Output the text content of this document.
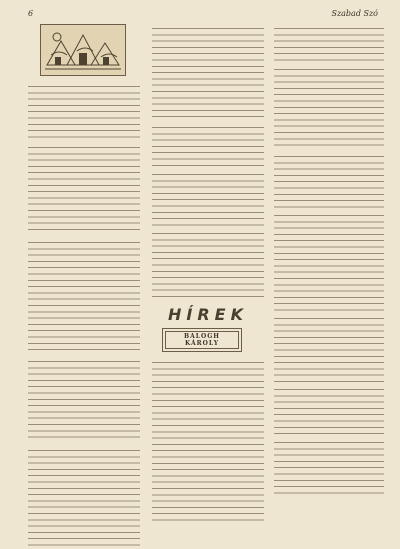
6	Szabad Szó
HÍREK
BALOGH KÁROLY
